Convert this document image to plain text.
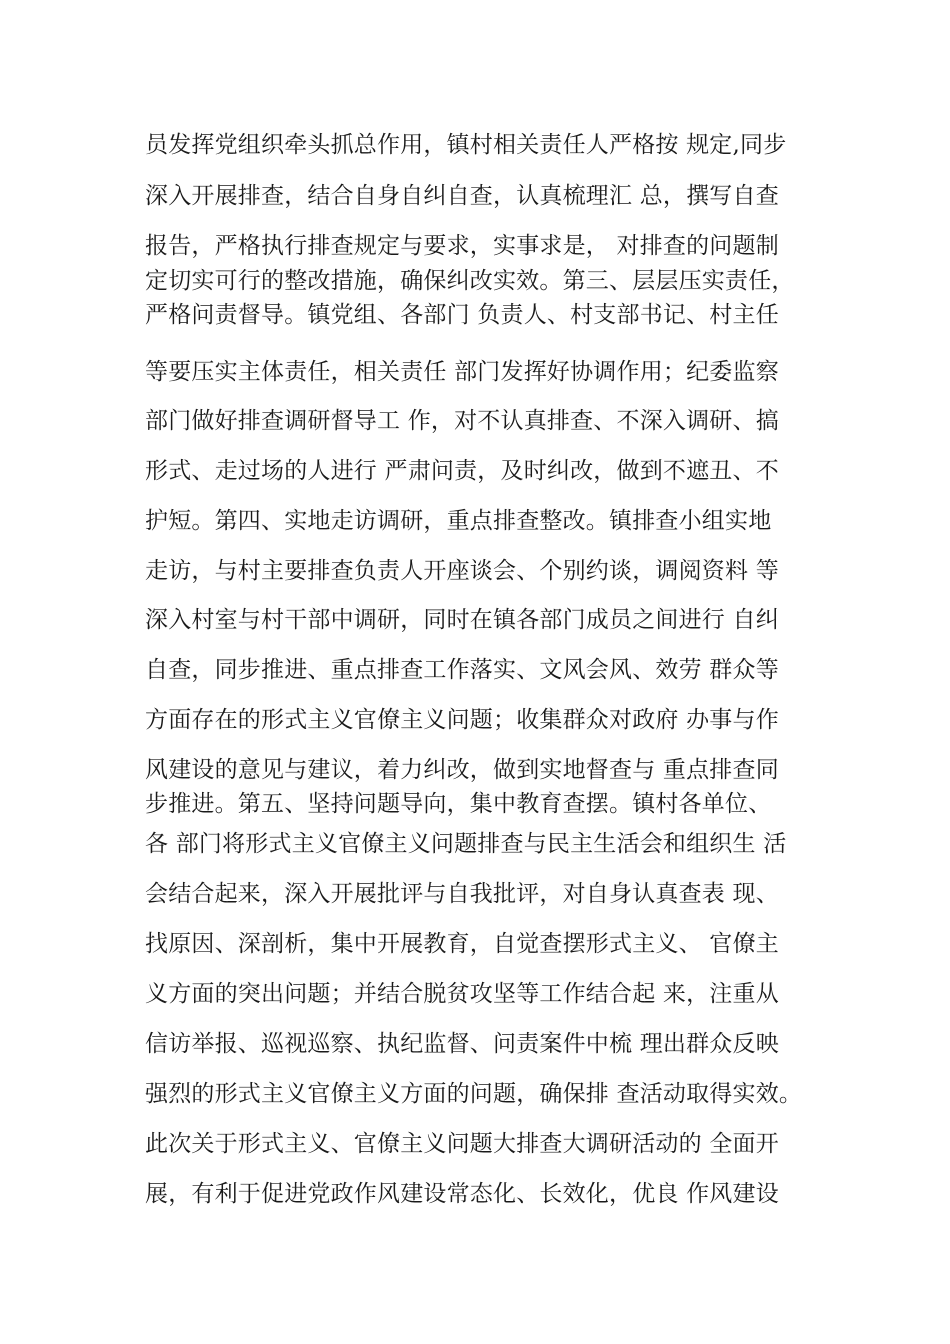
员发挥党组织牵头抓总作用，镇村相关责任人严格按 规定,同步

深入开展排查，结合自身自纠自查，认真梳理汇 总，撰写自查

报告，严格执行排查规定与要求，实事求是， 对排查的问题制

定切实可行的整改措施，确保纠改实效。第三、层层压实责任，

严格问责督导。镇党组、各部门 负责人、村支部书记、村主任

等要压实主体责任，相关责任 部门发挥好协调作用；纪委监察

部门做好排查调研督导工 作，对不认真排查、不深入调研、搞

形式、走过场的人进行 严肃问责，及时纠改，做到不遮丑、不

护短。第四、实地走访调研，重点排查整改。镇排查小组实地

走访，与村主要排查负责人开座谈会、个别约谈，调阅资料 等

深入村室与村干部中调研，同时在镇各部门成员之间进行 自纠

自查，同步推进、重点排查工作落实、文风会风、效劳 群众等

方面存在的形式主义官僚主义问题；收集群众对政府 办事与作

风建设的意见与建议，着力纠改，做到实地督查与 重点排查同

步推进。第五、坚持问题导向，集中教育查摆。镇村各单位、

各 部门将形式主义官僚主义问题排查与民主生活会和组织生 活

会结合起来，深入开展批评与自我批评，对自身认真查表 现、

找原因、深剖析，集中开展教育，自觉查摆形式主义、 官僚主

义方面的突出问题；并结合脱贫攻坚等工作结合起 来，注重从

信访举报、巡视巡察、执纪监督、问责案件中梳 理出群众反映

强烈的形式主义官僚主义方面的问题，确保排 查活动取得实效。

此次关于形式主义、官僚主义问题大排查大调研活动的 全面开

展，有利于促进党政作风建设常态化、长效化，优良 作风建设
